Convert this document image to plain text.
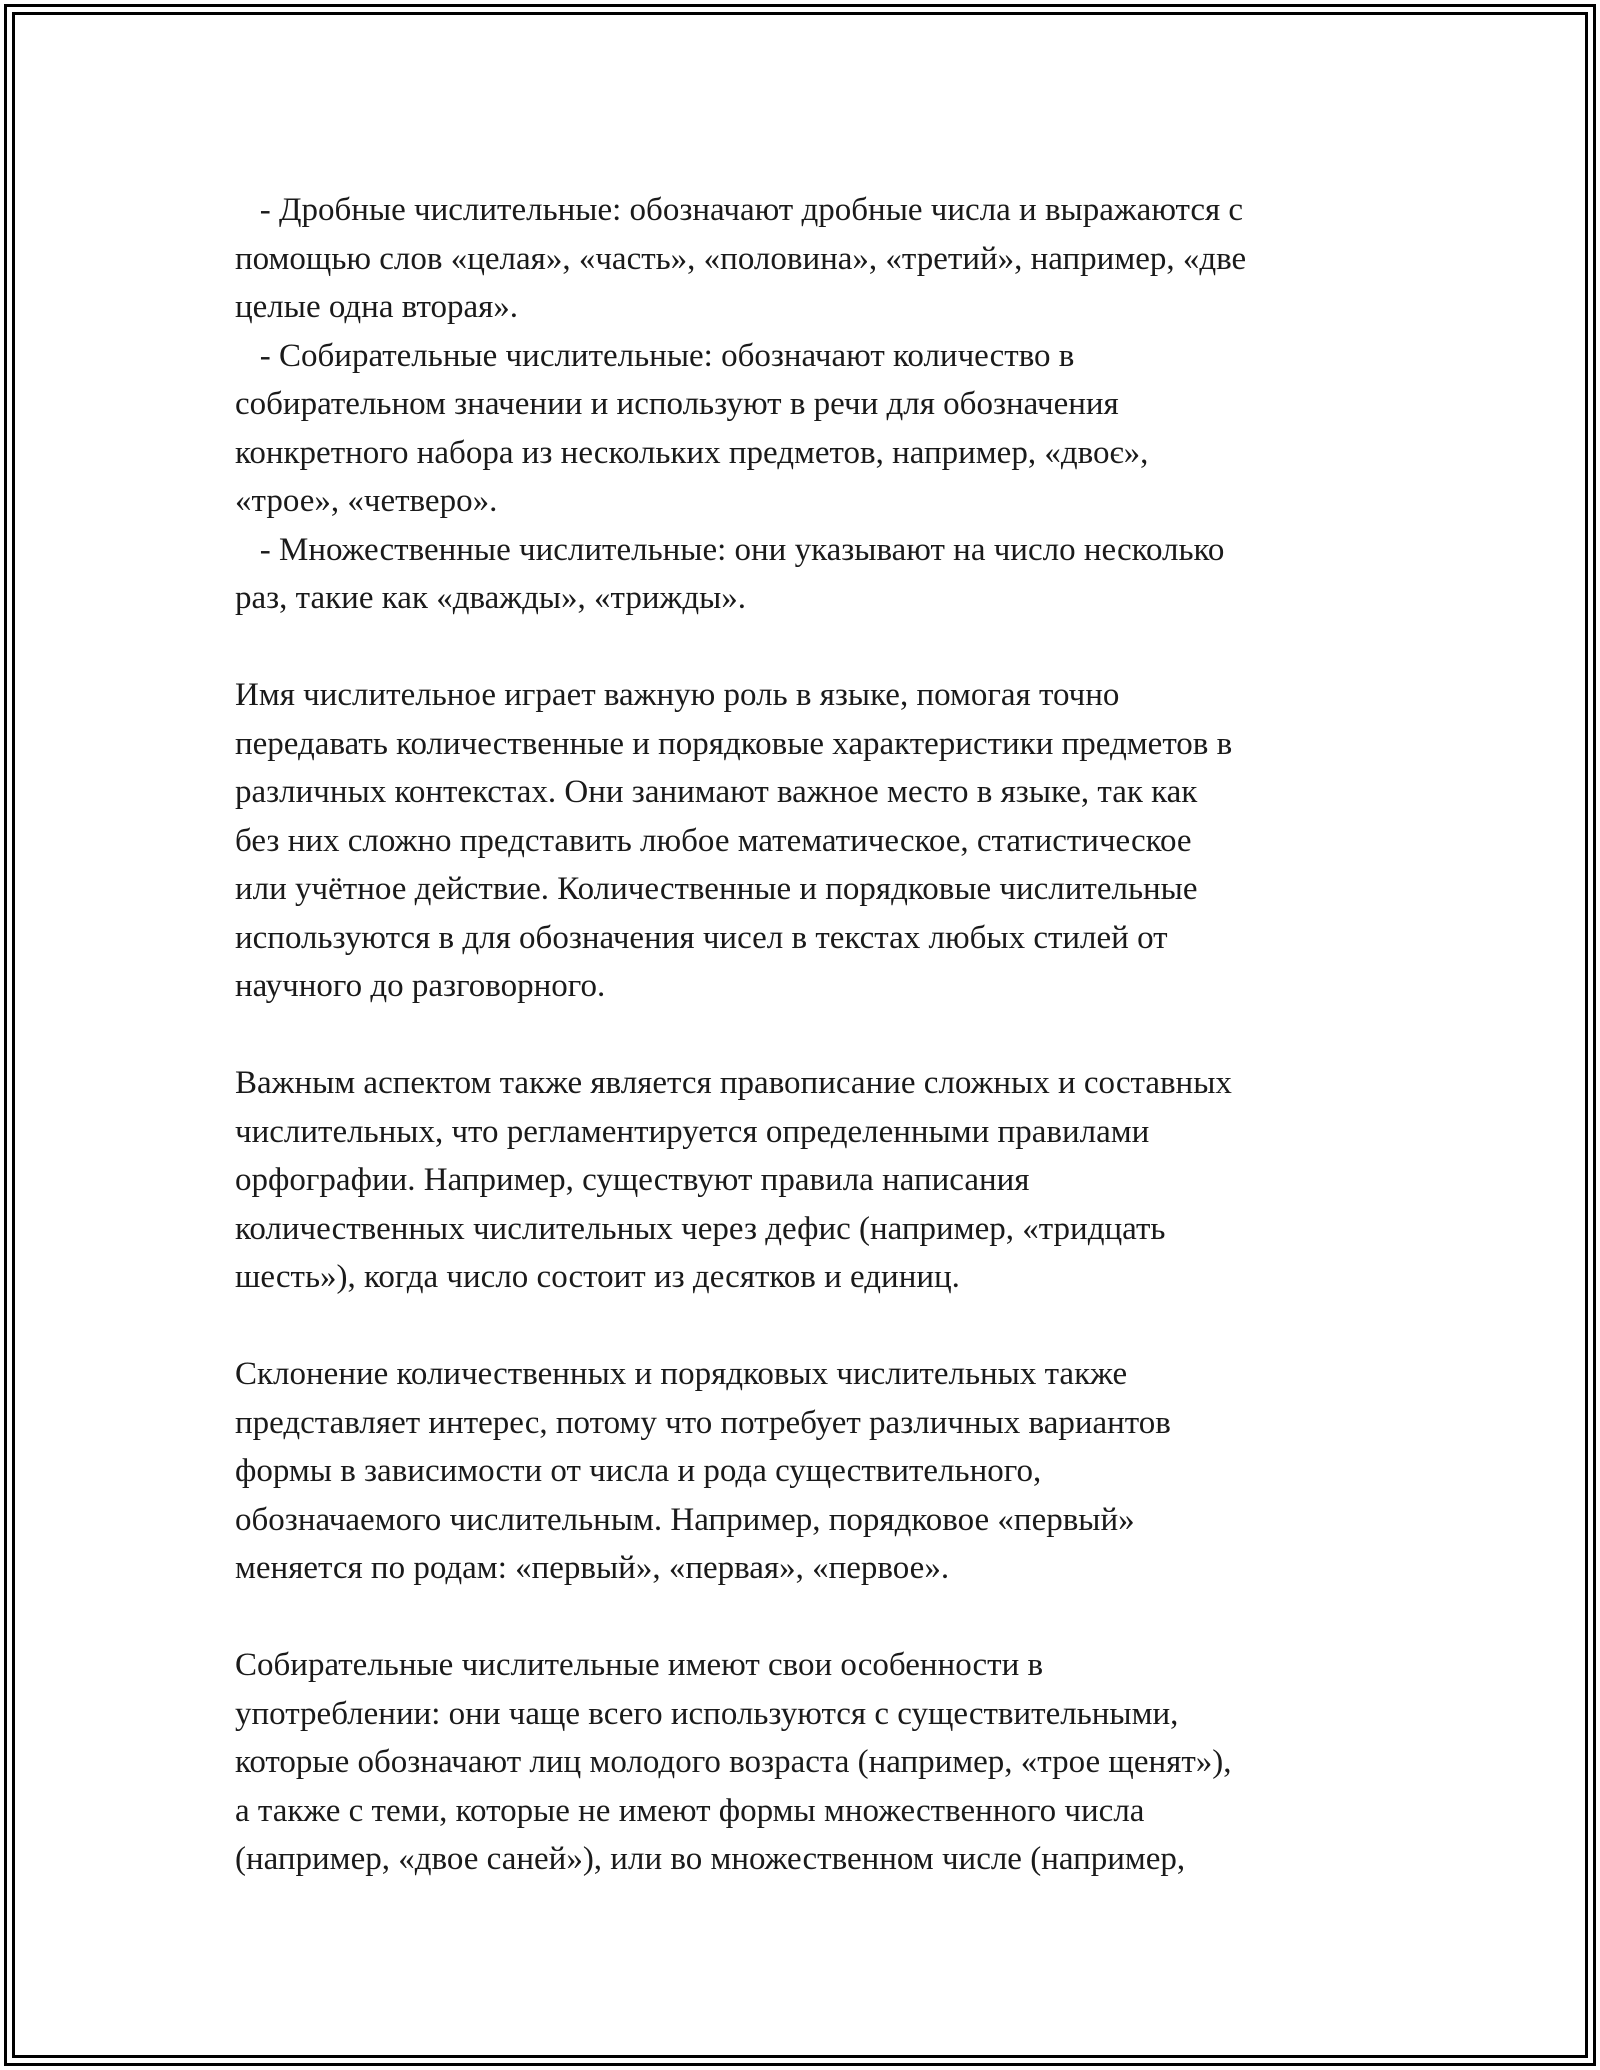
- Дробные числительные: обозначают дробные числа и выражаются с
помощью слов «целая», «часть», «половина», «третий», например, «две
целые одна вторая».
- Собирательные числительные: обозначают количество в
собирательном значении и используют в речи для обозначения
конкретного набора из нескольких предметов, например, «двоє»,
«трое», «четверо».
- Множественные числительные: они указывают на число несколько
раз, такие как «дважды», «трижды».
Имя числительное играет важную роль в языке, помогая точно
передавать количественные и порядковые характеристики предметов в
различных контекстах. Они занимают важное место в языке, так как
без них сложно представить любое математическое, статистическое
или учётное действие. Количественные и порядковые числительные
используются в для обозначения чисел в текстах любых стилей от
научного до разговорного.
Важным аспектом также является правописание сложных и составных
числительных, что регламентируется определенными правилами
орфографии. Например, существуют правила написания
количественных числительных через дефис (например, «тридцать
шесть»), когда число состоит из десятков и единиц.
Склонение количественных и порядковых числительных также
представляет интерес, потому что потребует различных вариантов
формы в зависимости от числа и рода существительного,
обозначаемого числительным. Например, порядковое «первый»
меняется по родам: «первый», «первая», «первое».
Собирательные числительные имеют свои особенности в
употреблении: они чаще всего используются с существительными,
которые обозначают лиц молодого возраста (например, «трое щенят»),
а также с теми, которые не имеют формы множественного числа
(например, «двое саней»), или во множественном числе (например,
